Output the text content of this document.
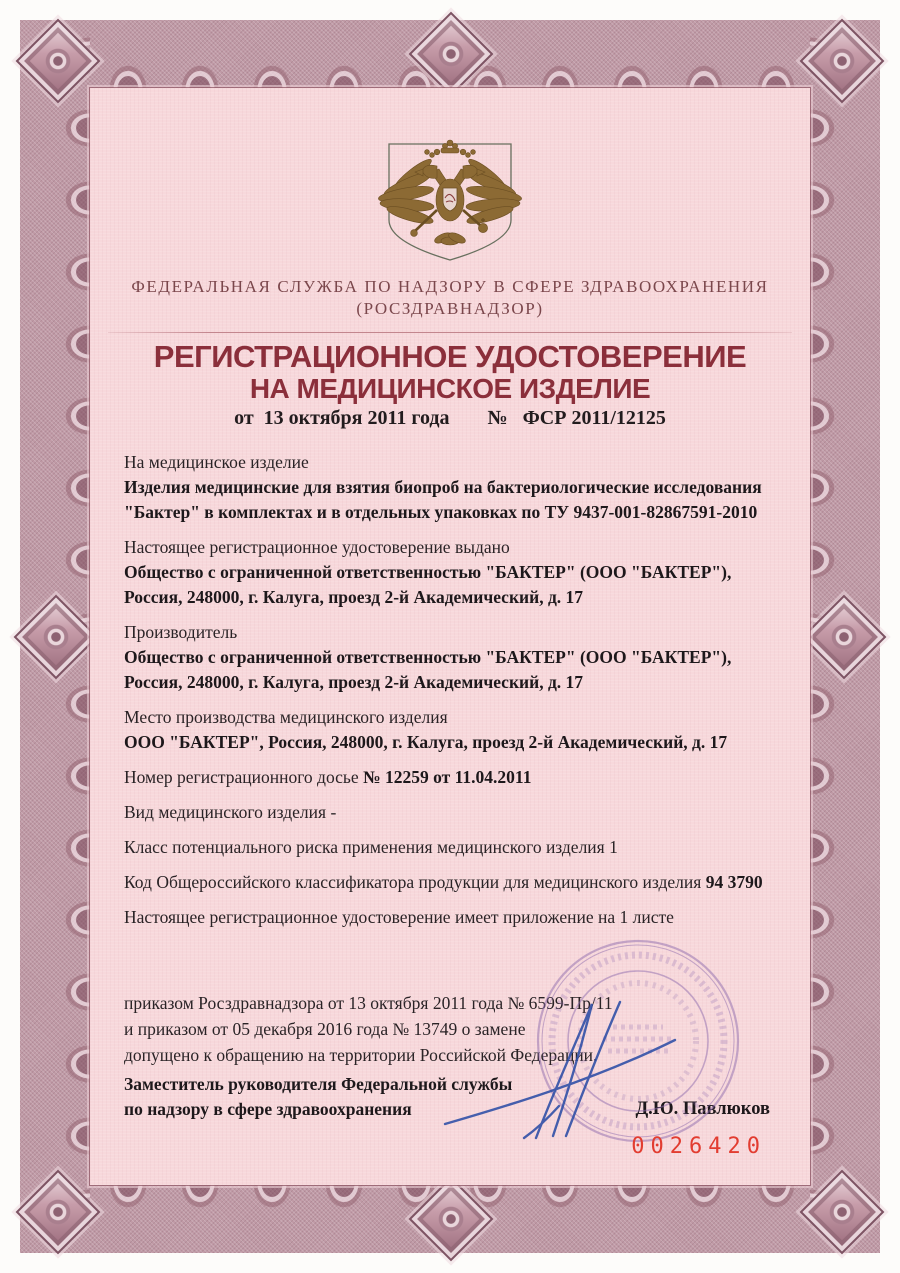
ФЕДЕРАЛЬНАЯ СЛУЖБА ПО НАДЗОРУ В СФЕРЕ ЗДРАВООХРАНЕНИЯ
(РОСЗДРАВНАДЗОР)
РЕГИСТРАЦИОННОЕ УДОСТОВЕРЕНИЕ
НА МЕДИЦИНСКОЕ ИЗДЕЛИЕ
от  13 октября 2011 года №   ФСР 2011/12125
На медицинское изделие
Изделия медицинские для взятия биопроб на бактериологические исследования
"Бактер" в комплектах и в отдельных упаковках по ТУ 9437-001-82867591-2010
Настоящее регистрационное удостоверение выдано
Общество с ограниченной ответственностью "БАКТЕР" (ООО "БАКТЕР"),
Россия, 248000, г. Калуга, проезд 2-й Академический, д. 17
Производитель
Общество с ограниченной ответственностью "БАКТЕР" (ООО "БАКТЕР"),
Россия, 248000, г. Калуга, проезд 2-й Академический, д. 17
Место производства медицинского изделия
ООО "БАКТЕР", Россия, 248000, г. Калуга, проезд 2-й Академический, д. 17
Номер регистрационного досье № 12259 от 11.04.2011
Вид медицинского изделия -
Класс потенциального риска применения медицинского изделия 1
Код Общероссийского классификатора продукции для медицинского изделия 94 3790
Настоящее регистрационное удостоверение имеет приложение на 1 листе
приказом Росздравнадзора от 13 октября 2011 года № 6599-Пр/11
и приказом от 05 декабря 2016 года № 13749 о замене
допущено к обращению на территории Российской Федерации.
Заместитель руководителя Федеральной службы
по надзору в сфере здравоохранения	Д.Ю. Павлюков
0026420
